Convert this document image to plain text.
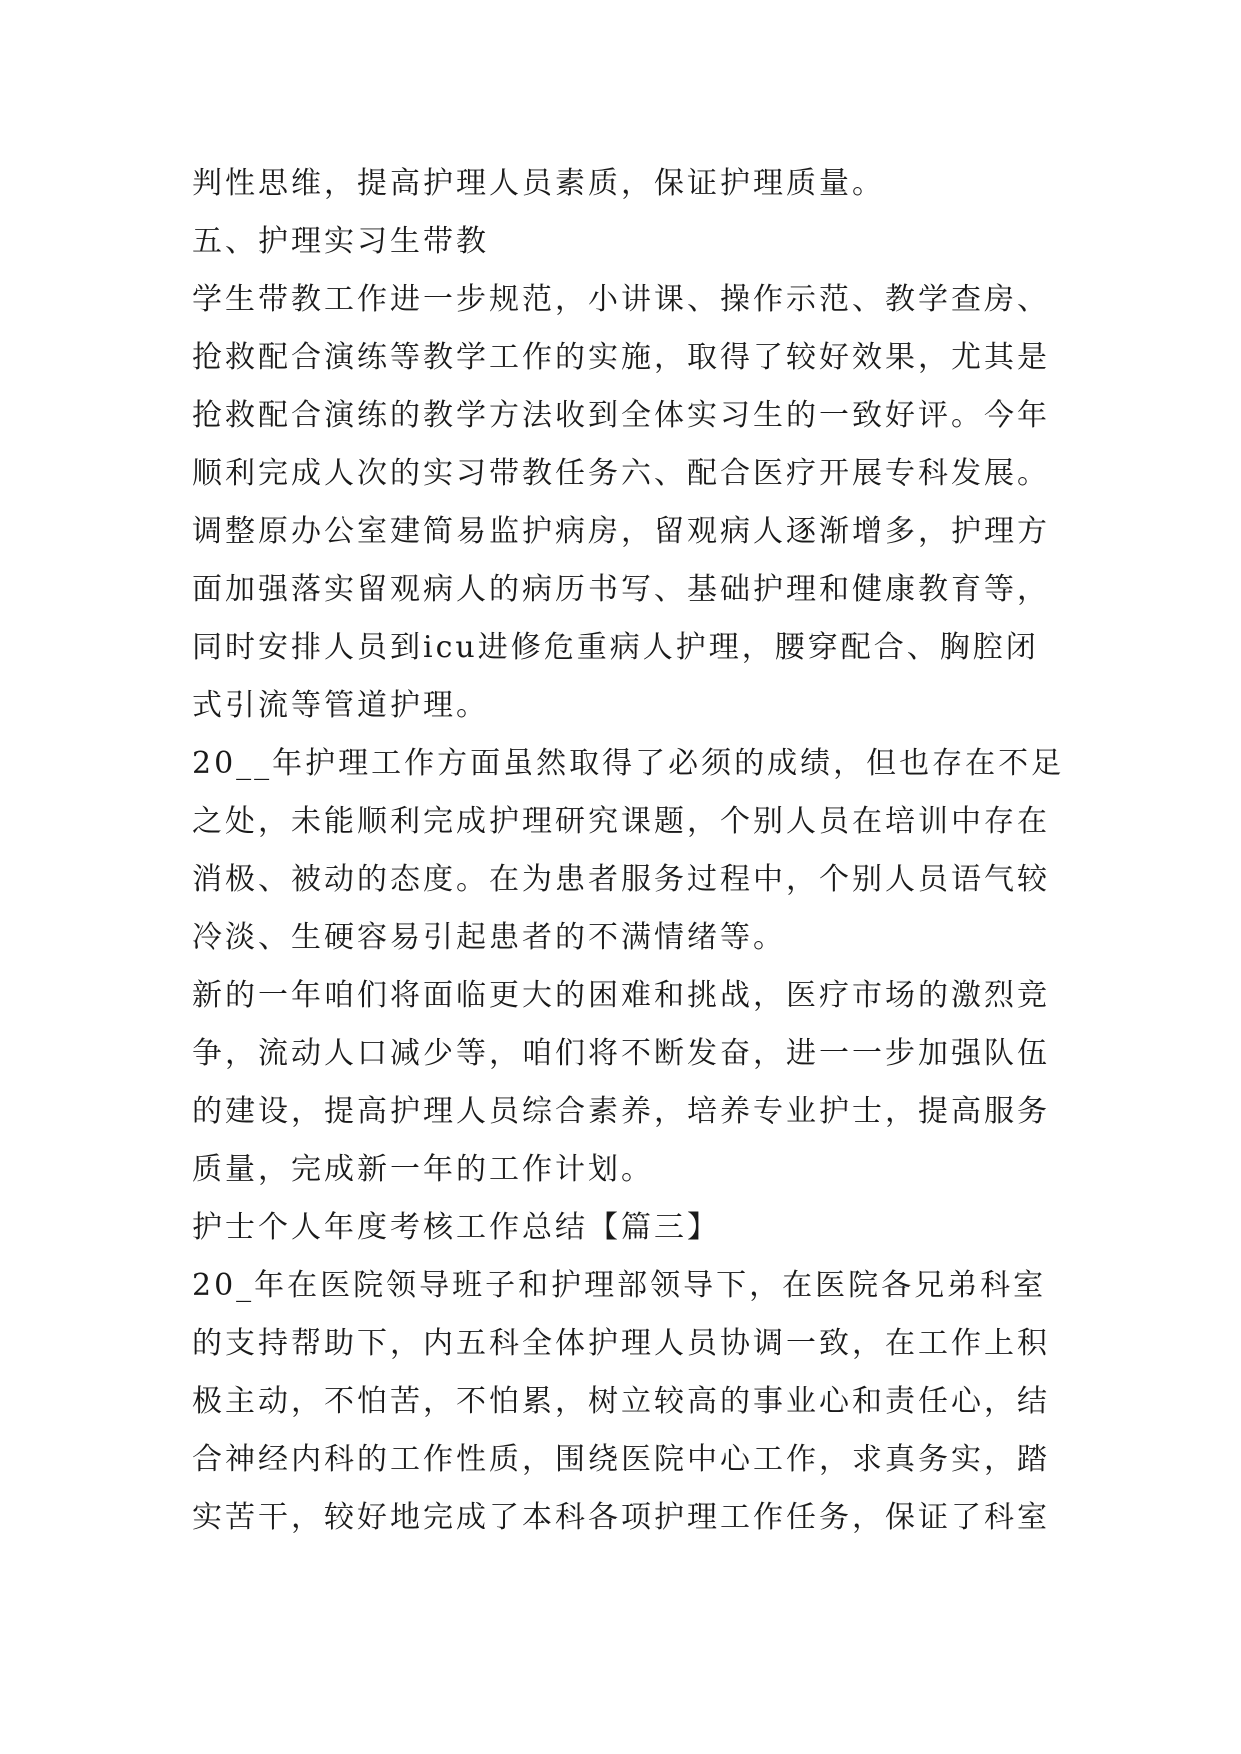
判性思维，提高护理人员素质，保证护理质量。
五、护理实习生带教
学生带教工作进一步规范，小讲课、操作示范、教学查房、
抢救配合演练等教学工作的实施，取得了较好效果，尤其是
抢救配合演练的教学方法收到全体实习生的一致好评。今年
顺利完成人次的实习带教任务六、配合医疗开展专科发展。
调整原办公室建简易监护病房，留观病人逐渐增多，护理方
面加强落实留观病人的病历书写、基础护理和健康教育等，
同时安排人员到icu进修危重病人护理，腰穿配合、胸腔闭
式引流等管道护理。
20__年护理工作方面虽然取得了必须的成绩，但也存在不足
之处，未能顺利完成护理研究课题，个别人员在培训中存在
消极、被动的态度。在为患者服务过程中，个别人员语气较
冷淡、生硬容易引起患者的不满情绪等。
新的一年咱们将面临更大的困难和挑战，医疗市场的激烈竞
争，流动人口减少等，咱们将不断发奋，进一一步加强队伍
的建设，提高护理人员综合素养，培养专业护士，提高服务
质量，完成新一年的工作计划。
护士个人年度考核工作总结【篇三】
20_年在医院领导班子和护理部领导下，在医院各兄弟科室
的支持帮助下，内五科全体护理人员协调一致，在工作上积
极主动，不怕苦，不怕累，树立较高的事业心和责任心，结
合神经内科的工作性质，围绕医院中心工作，求真务实，踏
实苦干，较好地完成了本科各项护理工作任务，保证了科室
